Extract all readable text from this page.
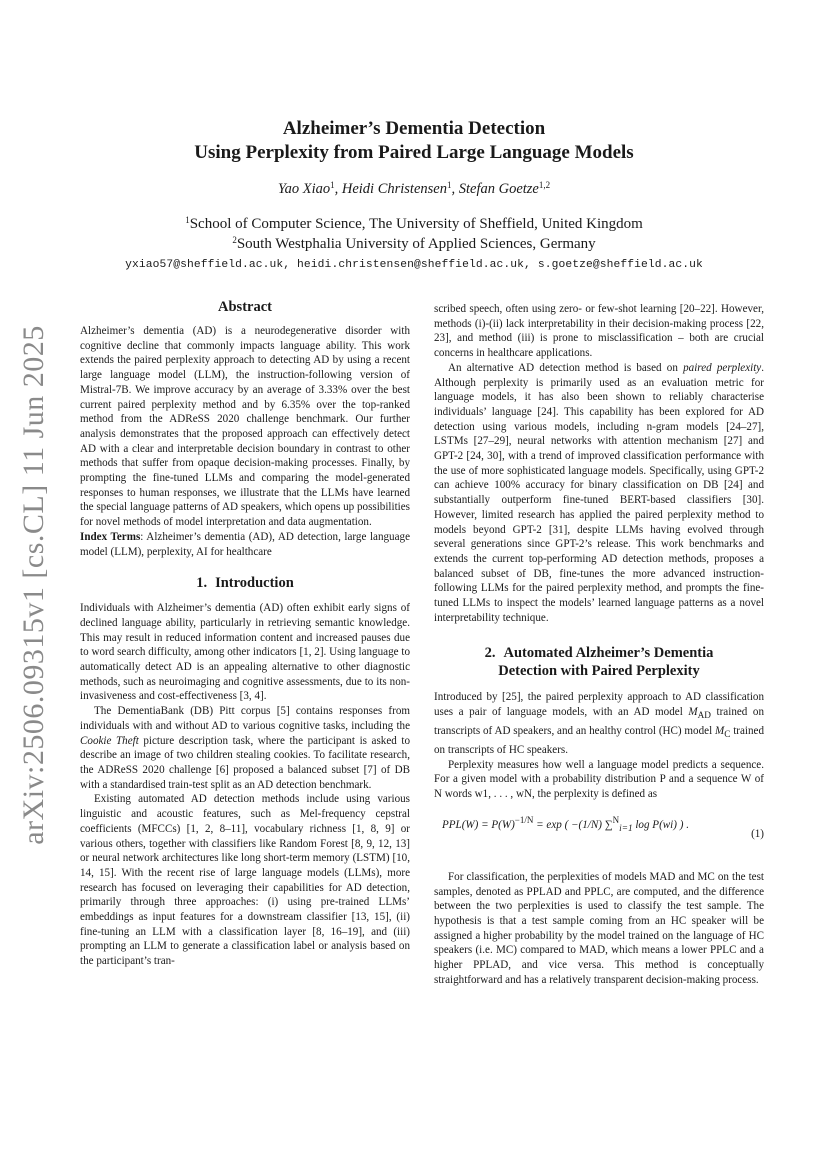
arXiv:2506.09315v1 [cs.CL] 11 Jun 2025
Alzheimer’s Dementia Detection
Using Perplexity from Paired Large Language Models
Yao Xiao$^1$, Heidi Christensen$^1$, Stefan Goetze$^{1,2}$
$^1$School of Computer Science, The University of Sheffield, United Kingdom
$^2$South Westphalia University of Applied Sciences, Germany
yxiao57@sheffield.ac.uk, heidi.christensen@sheffield.ac.uk, s.goetze@sheffield.ac.uk
Abstract

Alzheimer’s dementia (AD) is a neurodegenerative disorder with cognitive decline that commonly impacts language ability. This work extends the paired perplexity approach to detecting AD by using a recent large language model (LLM), the instruction-following version of Mistral-7B. We improve accuracy by an average of 3.33% over the best current paired perplexity method and by 6.35% over the top-ranked method from the ADReSS 2020 challenge benchmark. Our further analysis demonstrates that the proposed approach can effectively detect AD with a clear and interpretable decision boundary in contrast to other methods that suffer from opaque decision-making processes. Finally, by prompting the fine-tuned LLMs and comparing the model-generated responses to human responses, we illustrate that the LLMs have learned the special language patterns of AD speakers, which opens up possibilities for novel methods of model interpretation and data augmentation.

Index Terms: Alzheimer’s dementia (AD), AD detection, large language model (LLM), perplexity, AI for healthcare

1. Introduction

Individuals with Alzheimer’s dementia (AD) often exhibit early signs of declined language ability, particularly in retrieving semantic knowledge. This may result in reduced information content and increased pauses due to word search difficulty, among other indicators [1, 2]. Using language to automatically detect AD is an appealing alternative to other diagnostic methods, such as neuroimaging and cognitive assessments, due to its non-invasiveness and cost-effectiveness [3, 4].

The DementiaBank (DB) Pitt corpus [5] contains responses from individuals with and without AD to various cognitive tasks, including the Cookie Theft picture description task, where the participant is asked to describe an image of two children stealing cookies. To facilitate research, the ADReSS 2020 challenge [6] proposed a balanced subset [7] of DB with a standardised train-test split as an AD detection benchmark.

Existing automated AD detection methods include using various linguistic and acoustic features, such as Mel-frequency cepstral coefficients (MFCCs) [1, 2, 8–11], vocabulary richness [1, 8, 9] or various others, together with classifiers like Random Forest [8, 9, 12, 13] or neural network architectures like long short-term memory (LSTM) [10, 14, 15]. With the recent rise of large language models (LLMs), more research has focused on leveraging their capabilities for AD detection, primarily through three approaches: (i) using pre-trained LLMs’ embeddings as input features for a downstream classifier [13, 15], (ii) fine-tuning an LLM with a classification layer [8, 16–19], and (iii) prompting an LLM to generate a classification label or analysis based on the participant’s tran-

scribed speech, often using zero- or few-shot learning [20–22]. However, methods (i)-(ii) lack interpretability in their decision-making process [22, 23], and method (iii) is prone to misclassification – both are crucial concerns in healthcare applications.

An alternative AD detection method is based on paired perplexity. Although perplexity is primarily used as an evaluation metric for language models, it has also been shown to reliably characterise individuals’ language [24]. This capability has been explored for AD detection using various models, including n-gram models [24–27], LSTMs [27–29], neural networks with attention mechanism [27] and GPT-2 [24, 30], with a trend of improved classification performance with the use of more sophisticated language models. Specifically, using GPT-2 can achieve 100% accuracy for binary classification on DB [24] and substantially outperform fine-tuned BERT-based classifiers [30]. However, limited research has applied the paired perplexity method to models beyond GPT-2 [31], despite LLMs having evolved through several generations since GPT-2’s release. This work benchmarks and extends the current top-performing AD detection methods, proposes a balanced subset of DB, fine-tunes the more advanced instruction-following LLMs for the paired perplexity method, and prompts the fine-tuned LLMs to inspect the models’ learned language patterns as a novel interpretability technique.

2. Automated Alzheimer’s Dementia
Detection with Paired Perplexity

Introduced by [25], the paired perplexity approach to AD classification uses a pair of language models, with an AD model $M_{AD}$ trained on transcripts of AD speakers, and an healthy control (HC) model $M_C$ trained on transcripts of HC speakers.

Perplexity measures how well a language model predicts a sequence. For a given model with a probability distribution P and a sequence W of N words w1, . . . , wN, the perplexity is defined as

$PPL(W) = P(W)^{-1/N} = \exp$ ( −(1/N) ∑$^N_{i=1}$ log P(wi) ) .
(1)

For classification, the perplexities of models MAD and MC on the test samples, denoted as PPLAD and PPLC, are computed, and the difference between the two perplexities is used to classify the test sample. The hypothesis is that a test sample coming from an HC speaker will be assigned a higher probability by the model trained on the language of HC speakers (i.e. MC) compared to MAD, which means a lower PPLC and a higher PPLAD, and vice versa. This method is conceptually straightforward and has a relatively transparent decision-making process.
